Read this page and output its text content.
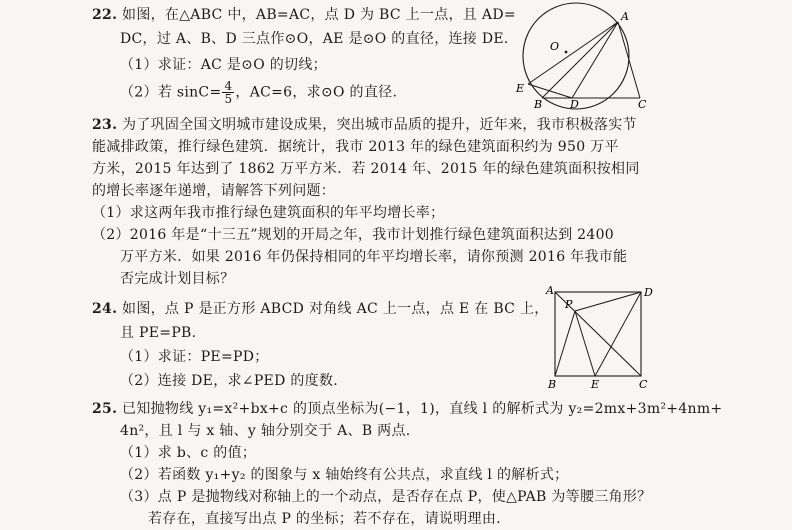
22. 如图，在△ABC 中，AB=AC，点 D 为 BC 上一点，且 AD=
DC，过 A、B、D 三点作⊙O，AE 是⊙O 的直径，连接 DE.
（1）求证：AC 是⊙O 的切线；
（2）若 $\sin C= \frac{4}{5}$ ，AC=6，求⊙O 的直径.
A
O
E
B	D	C
23. 为了巩固全国文明城市建设成果，突出城市品质的提升，近年来，我市积极落实节
能减排政策，推行绿色建筑．据统计，我市 2013 年的绿色建筑面积约为 950 万平
方米，2015 年达到了 1862 万平方米．若 2014 年、2015 年的绿色建筑面积按相同
的增长率逐年递增，请解答下列问题：
（1）求这两年我市推行绿色建筑面积的年平均增长率；
（2）2016 年是“十三五”规划的开局之年，我市计划推行绿色建筑面积达到 2400
万平方米．如果 2016 年仍保持相同的年平均增长率，请你预测 2016 年我市能
否完成计划目标？
24. 如图，点 P 是正方形 ABCD 对角线 AC 上一点，点 E 在 BC 上，
且 PE=PB.
（1）求证：PE=PD；
（2）连接 DE，求∠PED 的度数.
A	D
P
B	E	C
25. 已知抛物线 y₁=x²+bx+c 的顶点坐标为(−1，1)，直线 l 的解析式为 y₂=2mx+3m²+4nm+
4n²，且 l 与 x 轴、y 轴分别交于 A、B 两点.
（1）求 b、c 的值；
（2）若函数 y₁+y₂ 的图象与 x 轴始终有公共点，求直线 l 的解析式；
（3）点 P 是抛物线对称轴上的一个动点，是否存在点 P，使△PAB 为等腰三角形？
若存在，直接写出点 P 的坐标；若不存在，请说明理由.
